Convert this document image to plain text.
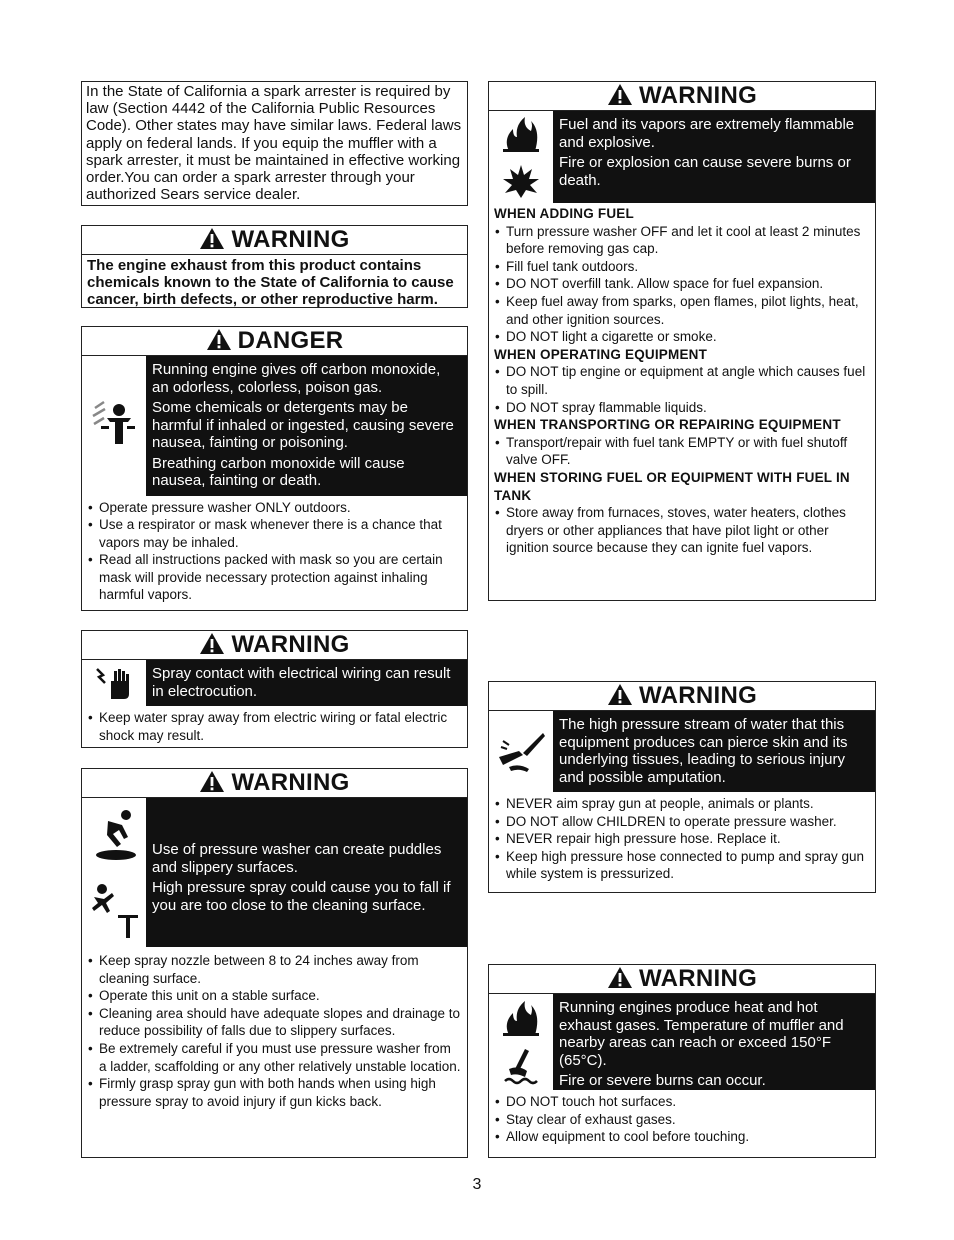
In the State of California a spark arrester is required by law (Section 4442 of the California Public Resources Code). Other states may have similar laws. Federal laws apply on federal lands. If you equip the muffler with a spark arrester, it must be maintained in effective working order.You can order a spark arrester through your authorized Sears service dealer.
WARNING
The engine exhaust from this product contains chemicals known to the State of California to cause cancer, birth defects, or other reproductive harm.
DANGER

Running engine gives off carbon monoxide, an odorless, colorless, poison gas.

Some chemicals or detergents may be harmful if inhaled or ingested, causing severe nausea, fainting or poisoning.

Breathing carbon monoxide will cause nausea, fainting or death.

• Operate pressure washer ONLY outdoors.
• Use a respirator or mask whenever there is a chance that vapors may be inhaled.
• Read all instructions packed with mask so you are certain mask will provide necessary protection against inhaling harmful vapors.
WARNING

Spray contact with electrical wiring can result in electrocution.

• Keep water spray away from electric wiring or fatal electric shock may result.
WARNING

Use of pressure washer can create puddles and slippery surfaces.

High pressure spray could cause you to fall if you are too close to the cleaning surface.

• Keep spray nozzle between 8 to 24 inches away from cleaning surface.
• Operate this unit on a stable surface.
• Cleaning area should have adequate slopes and drainage to reduce possibility of falls due to slippery surfaces.
• Be extremely careful if you must use pressure washer from a ladder, scaffolding or any other relatively unstable location.
• Firmly grasp spray gun with both hands when using high pressure spray to avoid injury if gun kicks back.
WARNING

Fuel and its vapors are extremely flammable and explosive.

Fire or explosion can cause severe burns or death.

WHEN ADDING FUEL
• Turn pressure washer OFF and let it cool at least 2 minutes before removing gas cap.
• Fill fuel tank outdoors.
• DO NOT overfill tank. Allow space for fuel expansion.
• Keep fuel away from sparks, open flames, pilot lights, heat, and other ignition sources.
• DO NOT light a cigarette or smoke.
WHEN OPERATING EQUIPMENT
• DO NOT tip engine or equipment at angle which causes fuel to spill.
• DO NOT spray flammable liquids.
WHEN TRANSPORTING OR REPAIRING EQUIPMENT
• Transport/repair with fuel tank EMPTY or with fuel shutoff valve OFF.
WHEN STORING FUEL OR EQUIPMENT WITH FUEL IN TANK
• Store away from furnaces, stoves, water heaters, clothes dryers or other appliances that have pilot light or other ignition source because they can ignite fuel vapors.
WARNING

The high pressure stream of water that this equipment produces can pierce skin and its underlying tissues, leading to serious injury and possible amputation.

• NEVER aim spray gun at people, animals or plants.
• DO NOT allow CHILDREN to operate pressure washer.
• NEVER repair high pressure hose. Replace it.
• Keep high pressure hose connected to pump and spray gun while system is pressurized.
WARNING

Running engines produce heat and hot exhaust gases. Temperature of muffler and nearby areas can reach or exceed 150°F (65°C).

Fire or severe burns can occur.

• DO NOT touch hot surfaces.
• Stay clear of exhaust gases.
• Allow equipment to cool before touching.
3
